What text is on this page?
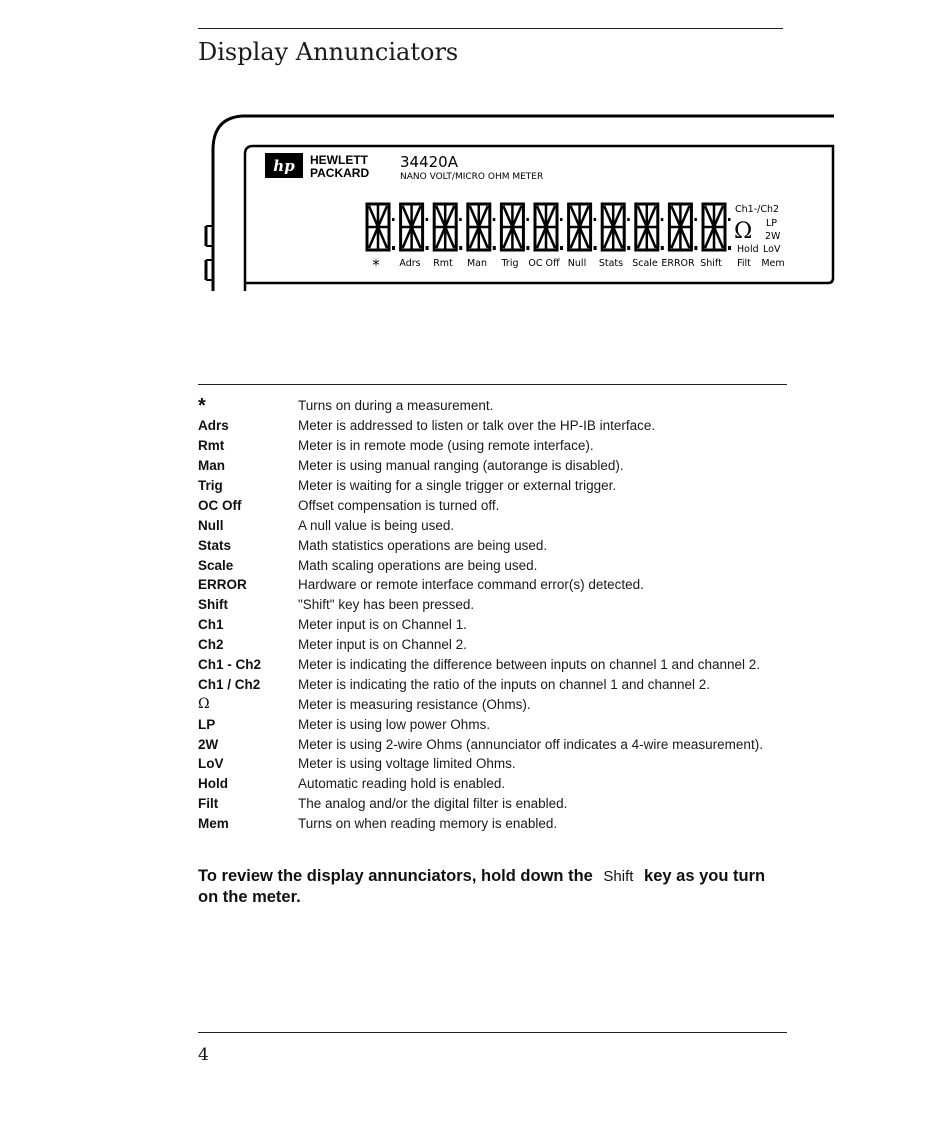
Display Annunciators
hp HEWLETT
PACKARD
34420A
NANO VOLT/MICRO OHM METER
* Adrs Rmt Man Trig OC Off Null Stats Scale ERROR Shift Filt Mem
Ch1-/Ch2
Ω LP
2W
Hold LoV
*	Turns on during a measurement.
Adrs	Meter is addressed to listen or talk over the HP-IB interface.
Rmt	Meter is in remote mode (using remote interface).
Man	Meter is using manual ranging (autorange is disabled).
Trig	Meter is waiting for a single trigger or external trigger.
OC Off	Offset compensation is turned off.
Null	A null value is being used.
Stats	Math statistics operations are being used.
Scale	Math scaling operations are being used.
ERROR	Hardware or remote interface command error(s) detected.
Shift	"Shift" key has been pressed.
Ch1	Meter input is on Channel 1.
Ch2	Meter input is on Channel 2.
Ch1 - Ch2	Meter is indicating the difference between inputs on channel 1 and channel 2.
Ch1 / Ch2	Meter is indicating the ratio of the inputs on channel 1 and channel 2.
Ω	Meter is measuring resistance (Ohms).
LP	Meter is using low power Ohms.
2W	Meter is using 2-wire Ohms (annunciator off indicates a 4-wire measurement).
LoV	Meter is using voltage limited Ohms.
Hold	Automatic reading hold is enabled.
Filt	The analog and/or the digital filter is enabled.
Mem	Turns on when reading memory is enabled.
To review the display annunciators, hold down the Shift key as you turn on the meter.
4
